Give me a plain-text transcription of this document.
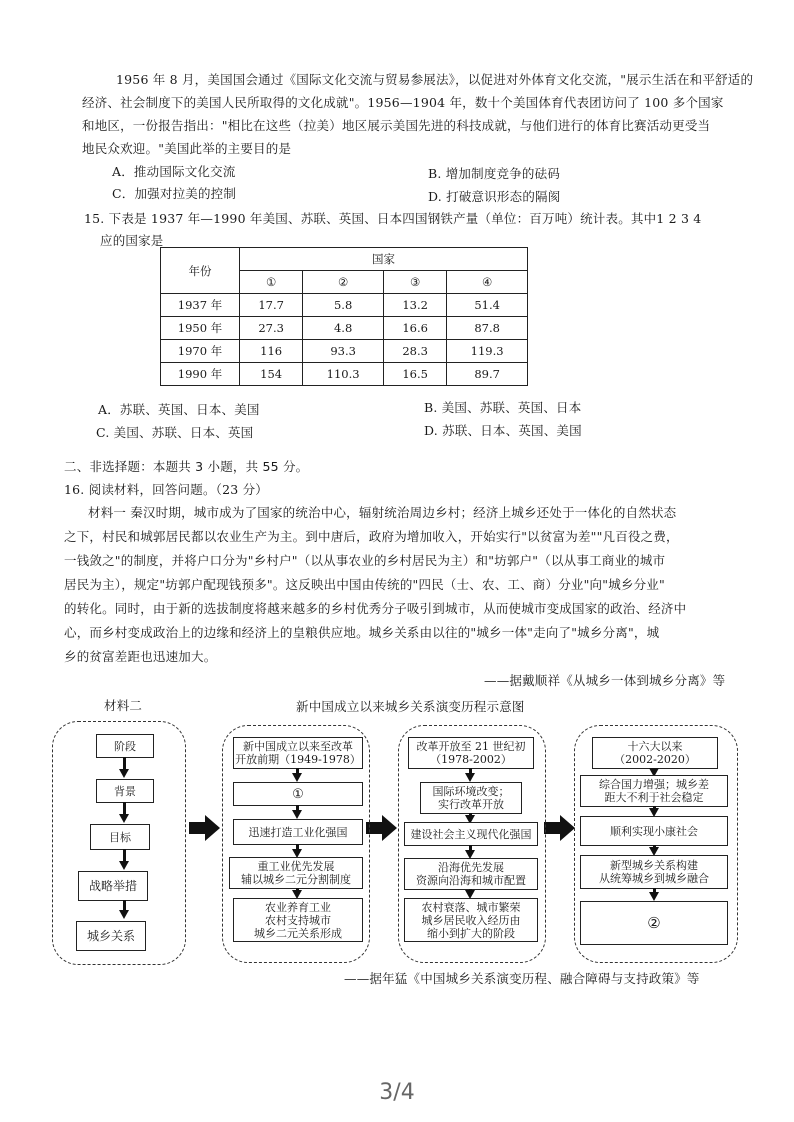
1956 年 8 月，美国国会通过《国际文化交流与贸易参展法》，以促进对外体育文化交流，"展示生活在和平舒适的
经济、社会制度下的美国人民所取得的文化成就"。1956—1904 年，数十个美国体育代表团访问了 100 多个国家
和地区，一份报告指出："相比在这些（拉美）地区展示美国先进的科技成就，与他们进行的体育比赛活动更受当
地民众欢迎。"美国此举的主要目的是
A．推动国际文化交流	B. 增加制度竞争的砝码
C．加强对拉美的控制	D. 打破意识形态的隔阂
15. 下表是 1937 年—1990 年美国、苏联、英国、日本四国钢铁产量（单位：百万吨）统计表。其中1 2 3 4
应的国家是
年份	国家			
	①	②	③	④
1937 年	17.7	5.8	13.2	51.4
1950 年	27.3	4.8	16.6	87.8
1970 年	116	93.3	28.3	119.3
1990 年	154	110.3	16.5	89.7
A．苏联、英国、日本、美国	B. 美国、苏联、英国、日本
C. 美国、苏联、日本、英国	D. 苏联、日本、英国、美国
二、非选择题：本题共 3 小题，共 55 分。
16. 阅读材料，回答问题。（23 分）
材料一 秦汉时期，城市成为了国家的统治中心，辐射统治周边乡村；经济上城乡还处于一体化的自然状态
之下，村民和城郭居民都以农业生产为主。到中唐后，政府为增加收入，开始实行"以贫富为差""凡百役之费，
一钱敛之"的制度，并将户口分为"乡村户"（以从事农业的乡村居民为主）和"坊郭户"（以从事工商业的城市
居民为主），规定"坊郭户配现钱预多"。这反映出中国由传统的"四民（士、农、工、商）分业"向"城乡分业"
的转化。同时，由于新的选拔制度将越来越多的乡村优秀分子吸引到城市，从而使城市变成国家的政治、经济中
心，而乡村变成政治上的边缘和经济上的皇粮供应地。城乡关系由以往的"城乡一体"走向了"城乡分离"，城
乡的贫富差距也迅速加大。
——据戴顺祥《从城乡一体到城乡分离》等
材料二	新中国成立以来城乡关系演变历程示意图
阶段
背景
目标
战略举措
城乡关系
新中国成立以来至改革
开放前期（1949-1978）
①
迅速打造工业化强国
重工业优先发展
辅以城乡二元分割制度
农业养育工业
农村支持城市
城乡二元关系形成
改革开放至 21 世纪初
（1978-2002）
国际环境改变；
实行改革开放
建设社会主义现代化强国
沿海优先发展
资源向沿海和城市配置
农村衰落、城市繁荣
城乡居民收入经历由
缩小到扩大的阶段
十六大以来
（2002-2020）
综合国力增强；城乡差
距大不利于社会稳定
顺利实现小康社会
新型城乡关系构建
从统筹城乡到城乡融合
②
——据年猛《中国城乡关系演变历程、融合障碍与支持政策》等
3/4
